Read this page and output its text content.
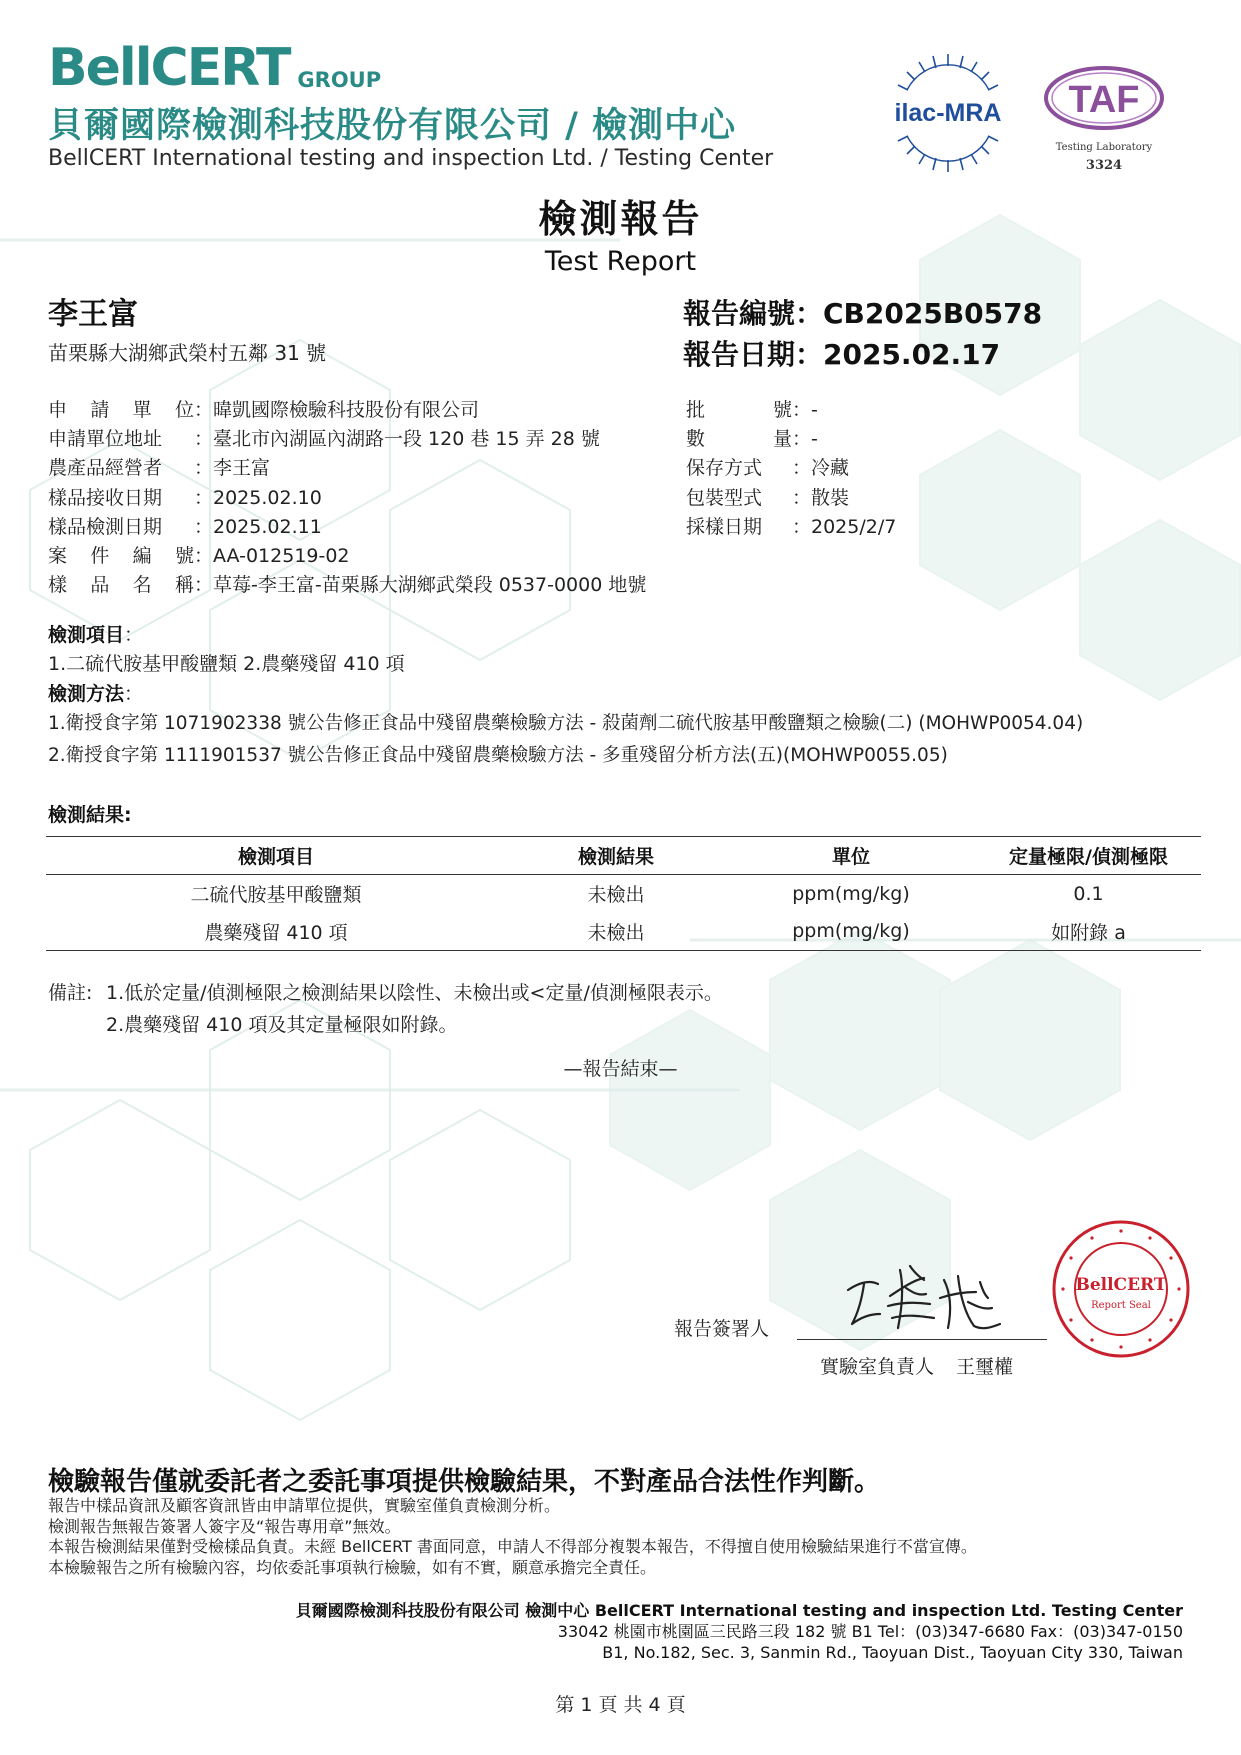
BellCERT GROUP
貝爾國際檢測科技股份有限公司 / 檢測中心
BellCERT International testing and inspection Ltd. / Testing Center
ilac-MRA TAF
Testing Laboratory
3324
檢測報告
Test Report
李王富
苗栗縣大湖鄉武榮村五鄰 31 號
報告編號：CB2025B0578
報告日期：2025.02.17
申 請 單 位 ：暐凱國際檢驗科技股份有限公司
申請單位地址	：臺北市內湖區內湖路一段 120 巷 15 弄 28 號
農產品經營者	：李王富
樣品接收日期	：2025.02.10
樣品檢測日期	：2025.02.11
案 件 編 號 ：AA-012519-02
樣 品 名 稱 ：草莓-李王富-苗栗縣大湖鄉武榮段 0537-0000 地號
批	號 ：-
數	量 ：-
保存方式	：冷藏
包裝型式	：散裝
採樣日期	：2025/2/7
檢測項目：
1.二硫代胺基甲酸鹽類 2.農藥殘留 410 項
檢測方法：
1.衛授食字第 1071902338 號公告修正食品中殘留農藥檢驗方法 - 殺菌劑二硫代胺基甲酸鹽類之檢驗(二) (MOHWP0054.04)
2.衛授食字第 1111901537 號公告修正食品中殘留農藥檢驗方法 - 多重殘留分析方法(五)(MOHWP0055.05)
檢測結果:
檢測項目	檢測結果	單位	定量極限/偵測極限
二硫代胺基甲酸鹽類	未檢出	ppm(mg/kg)	0.1
農藥殘留 410 項	未檢出	ppm(mg/kg)	如附錄 a
備註: 1.低於定量/偵測極限之檢測結果以陰性、未檢出或<定量/偵測極限表示。
2.農藥殘留 410 項及其定量極限如附錄。
—報告結束—
報告簽署人
實驗室負責人 王璽權
BellCERT
Report Seal
檢驗報告僅就委託者之委託事項提供檢驗結果，不對產品合法性作判斷。
報告中樣品資訊及顧客資訊皆由申請單位提供，實驗室僅負責檢測分析。
檢測報告無報告簽署人簽字及“報告專用章”無效。
本報告檢測結果僅對受檢樣品負責。未經 BellCERT 書面同意，申請人不得部分複製本報告，不得擅自使用檢驗結果進行不當宣傳。
本檢驗報告之所有檢驗內容，均依委託事項執行檢驗，如有不實，願意承擔完全責任。
貝爾國際檢測科技股份有限公司 檢測中心 BellCERT International testing and inspection Ltd. Testing Center
33042 桃園市桃園區三民路三段 182 號 B1 Tel：(03)347-6680 Fax：(03)347-0150
B1, No.182, Sec. 3, Sanmin Rd., Taoyuan Dist., Taoyuan City 330, Taiwan
第 1 頁 共 4 頁
